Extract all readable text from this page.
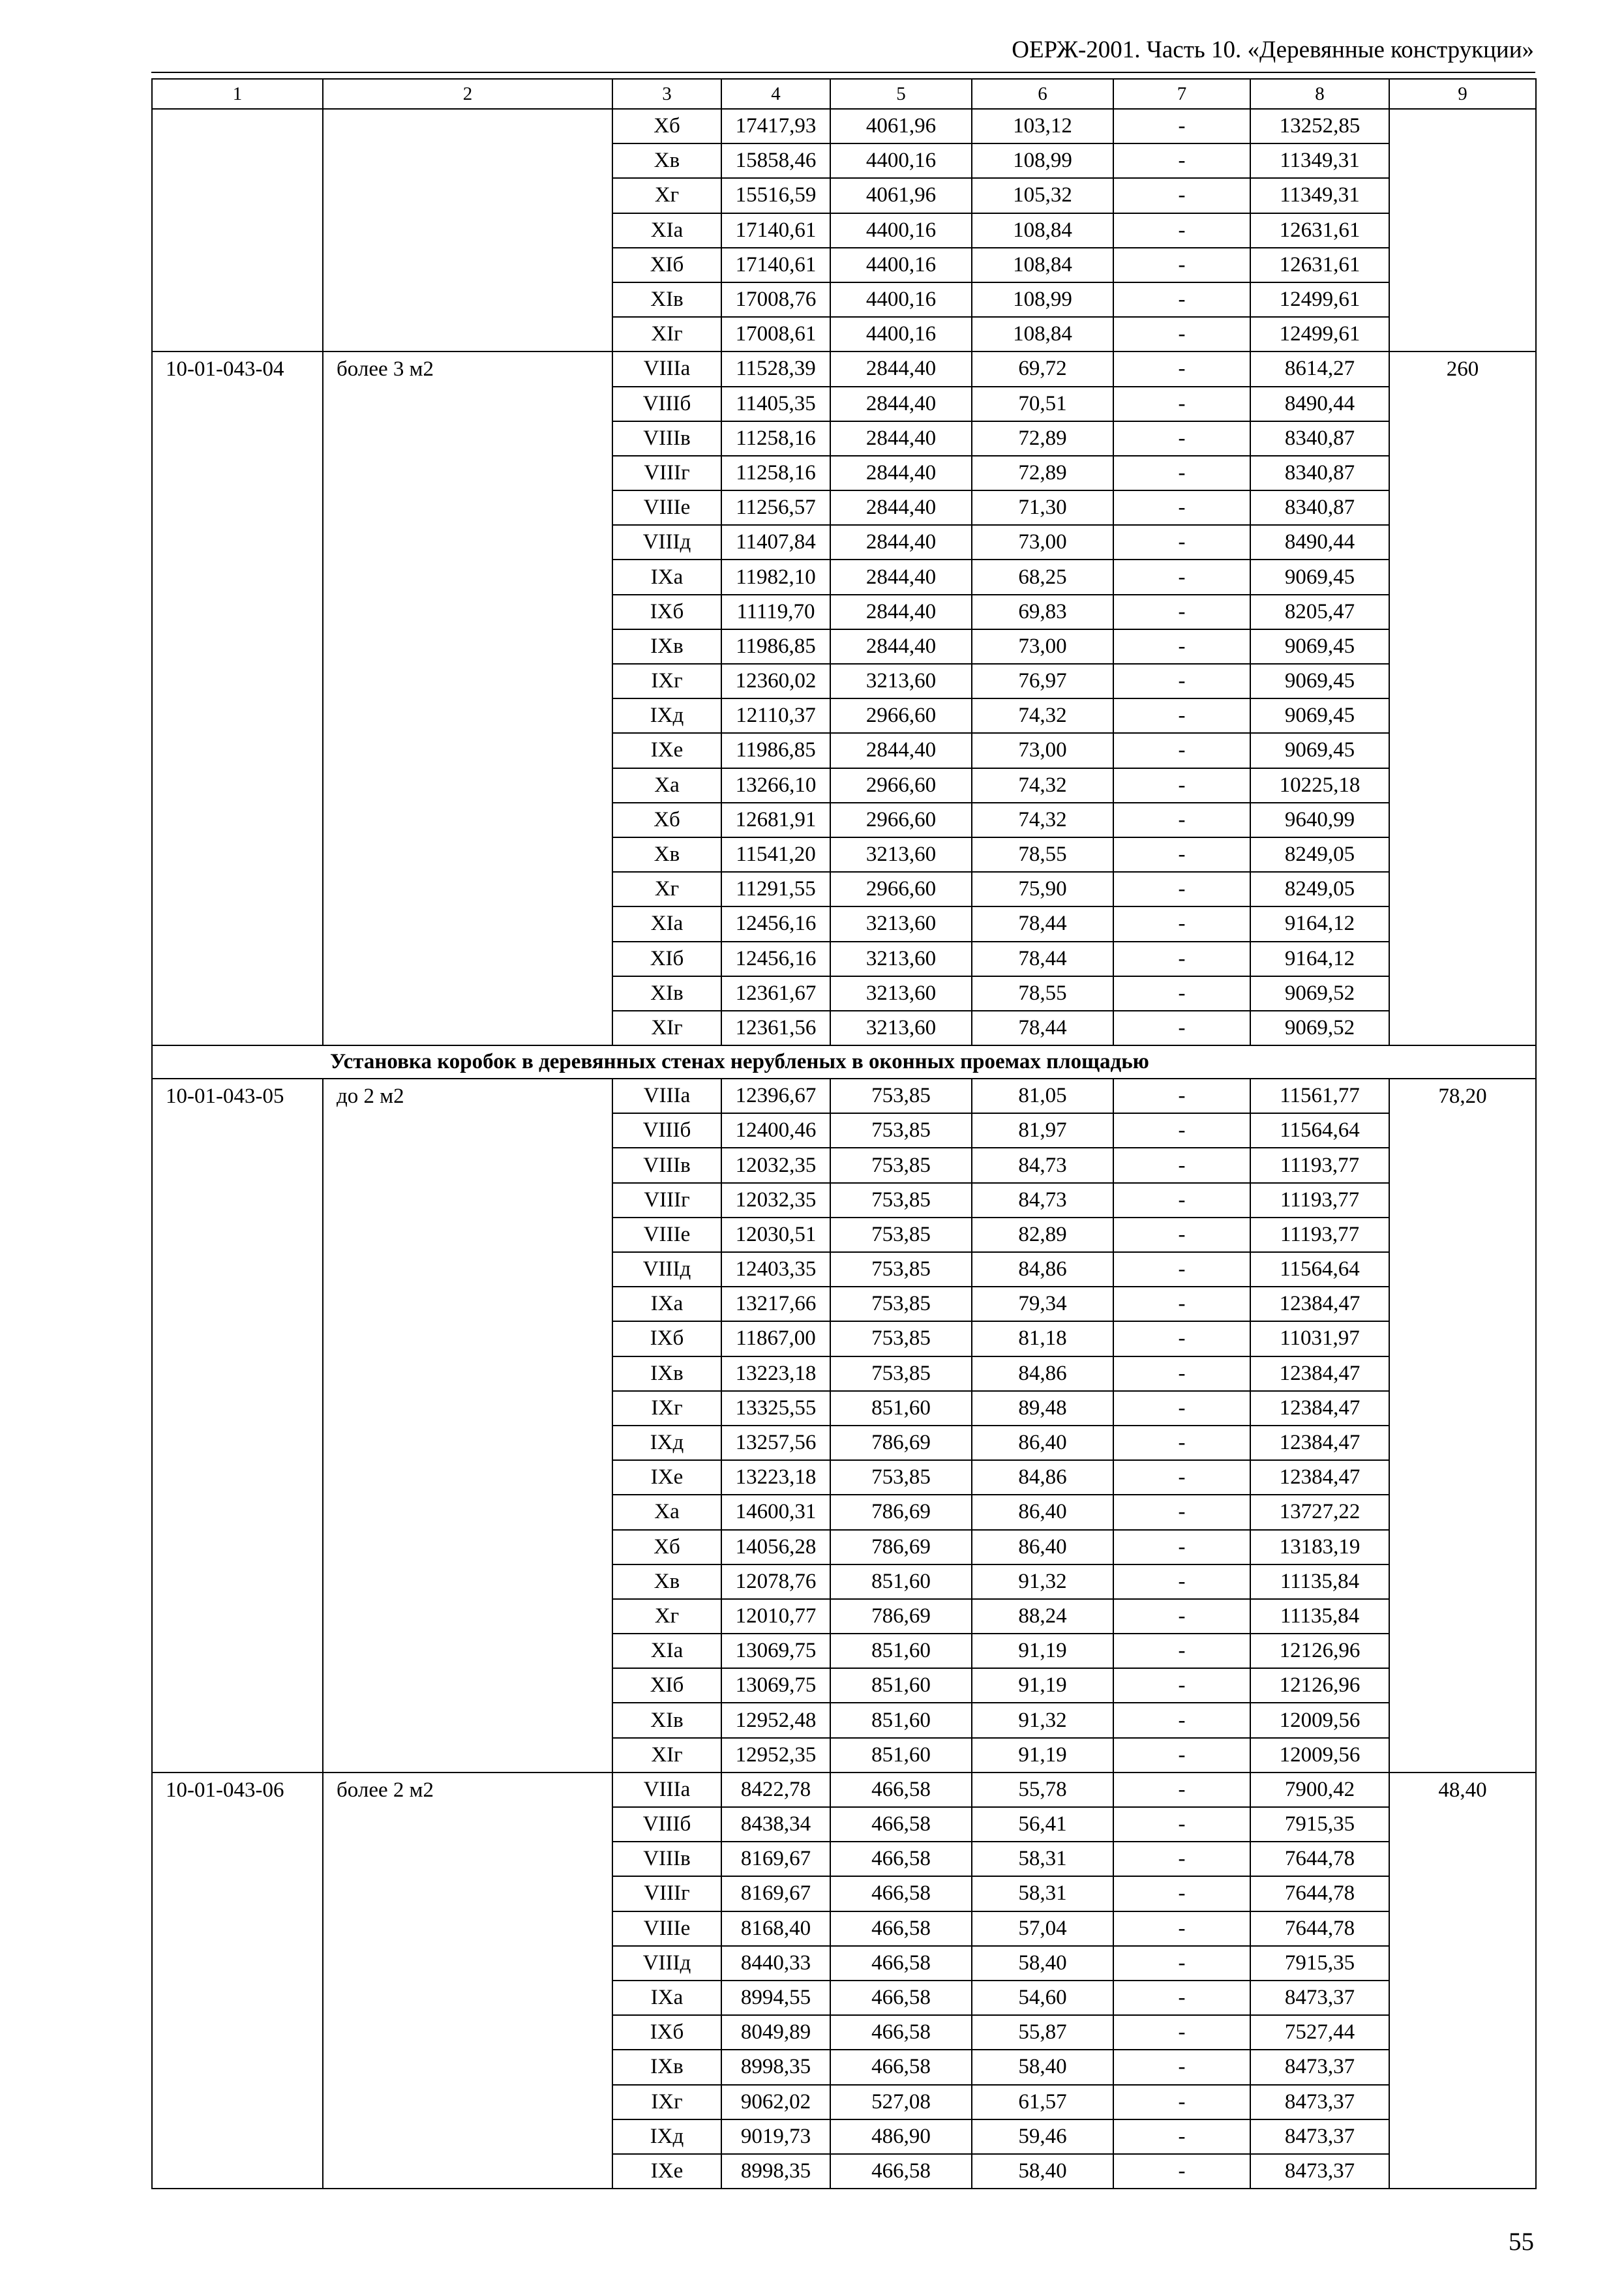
ОЕРЖ-2001. Часть 10. «Деревянные конструкции»
1	2	3	4	5	6	7	8	9
		Xб	17417,93	4061,96	103,12	-	13252,85	
		Xв	15858,46	4400,16	108,99	-	11349,31	
		Xг	15516,59	4061,96	105,32	-	11349,31	
		XIa	17140,61	4400,16	108,84	-	12631,61	
		XIб	17140,61	4400,16	108,84	-	12631,61	
		XIв	17008,76	4400,16	108,99	-	12499,61	
		XIг	17008,61	4400,16	108,84	-	12499,61	
10-01-043-04	более 3 м2	VIIIa	11528,39	2844,40	69,72	-	8614,27	260
		VIIIб	11405,35	2844,40	70,51	-	8490,44	
		VIIIв	11258,16	2844,40	72,89	-	8340,87	
		VIIIг	11258,16	2844,40	72,89	-	8340,87	
		VIIIe	11256,57	2844,40	71,30	-	8340,87	
		VIIIд	11407,84	2844,40	73,00	-	8490,44	
		IXa	11982,10	2844,40	68,25	-	9069,45	
		IXб	11119,70	2844,40	69,83	-	8205,47	
		IXв	11986,85	2844,40	73,00	-	9069,45	
		IXг	12360,02	3213,60	76,97	-	9069,45	
		IXд	12110,37	2966,60	74,32	-	9069,45	
		IXe	11986,85	2844,40	73,00	-	9069,45	
		Xa	13266,10	2966,60	74,32	-	10225,18	
		Xб	12681,91	2966,60	74,32	-	9640,99	
		Xв	11541,20	3213,60	78,55	-	8249,05	
		Xг	11291,55	2966,60	75,90	-	8249,05	
		XIa	12456,16	3213,60	78,44	-	9164,12	
		XIб	12456,16	3213,60	78,44	-	9164,12	
		XIв	12361,67	3213,60	78,55	-	9069,52	
		XIг	12361,56	3213,60	78,44	-	9069,52	
Установка коробок в деревянных стенах нерубленых в оконных проемах площадью								
10-01-043-05	до 2 м2	VIIIa	12396,67	753,85	81,05	-	11561,77	78,20
		VIIIб	12400,46	753,85	81,97	-	11564,64	
		VIIIв	12032,35	753,85	84,73	-	11193,77	
		VIIIг	12032,35	753,85	84,73	-	11193,77	
		VIIIe	12030,51	753,85	82,89	-	11193,77	
		VIIIд	12403,35	753,85	84,86	-	11564,64	
		IXa	13217,66	753,85	79,34	-	12384,47	
		IXб	11867,00	753,85	81,18	-	11031,97	
		IXв	13223,18	753,85	84,86	-	12384,47	
		IXг	13325,55	851,60	89,48	-	12384,47	
		IXд	13257,56	786,69	86,40	-	12384,47	
		IXe	13223,18	753,85	84,86	-	12384,47	
		Xa	14600,31	786,69	86,40	-	13727,22	
		Xб	14056,28	786,69	86,40	-	13183,19	
		Xв	12078,76	851,60	91,32	-	11135,84	
		Xг	12010,77	786,69	88,24	-	11135,84	
		XIa	13069,75	851,60	91,19	-	12126,96	
		XIб	13069,75	851,60	91,19	-	12126,96	
		XIв	12952,48	851,60	91,32	-	12009,56	
		XIг	12952,35	851,60	91,19	-	12009,56	
10-01-043-06	более 2 м2	VIIIa	8422,78	466,58	55,78	-	7900,42	48,40
		VIIIб	8438,34	466,58	56,41	-	7915,35	
		VIIIв	8169,67	466,58	58,31	-	7644,78	
		VIIIг	8169,67	466,58	58,31	-	7644,78	
		VIIIe	8168,40	466,58	57,04	-	7644,78	
		VIIIд	8440,33	466,58	58,40	-	7915,35	
		IXa	8994,55	466,58	54,60	-	8473,37	
		IXб	8049,89	466,58	55,87	-	7527,44	
		IXв	8998,35	466,58	58,40	-	8473,37	
		IXг	9062,02	527,08	61,57	-	8473,37	
		IXд	9019,73	486,90	59,46	-	8473,37	
		IXe	8998,35	466,58	58,40	-	8473,37	
55
